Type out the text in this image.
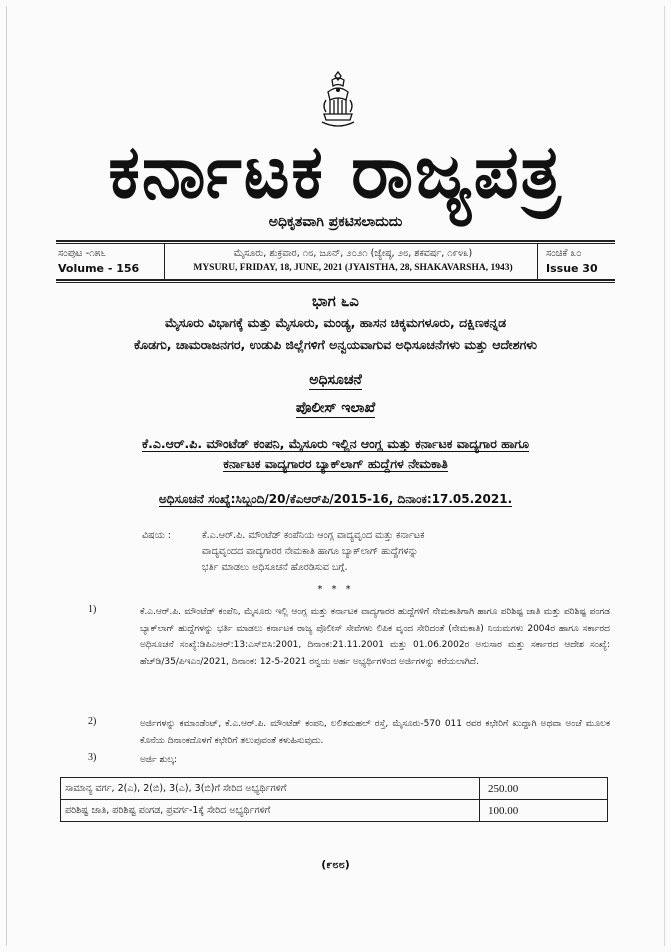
ಕರ್ನಾಟಕ ರಾಜ್ಯಪತ್ರ
ಅಧಿಕೃತವಾಗಿ ಪ್ರಕಟಿಸಲಾದುದು
ಸಂಪುಟ -೧೫೬
Volume - 156
ಮೈಸೂರು, ಶುಕ್ರವಾರ, ೧೮, ಜೂನ್, ೨೦೨೧ (ಜ್ಯೇಷ್ಠ, ೨೮, ಶಕವರ್ಷ, ೧೯೪೩)
MYSURU, FRIDAY, 18, JUNE, 2021 (JYAISTHA, 28, SHAKAVARSHA, 1943)
ಸಂಚಿಕೆ ೩೦
Issue 30
ಭಾಗ ೬ಎ
ಮೈಸೂರು ವಿಭಾಗಕ್ಕೆ ಮತ್ತು ಮೈಸೂರು, ಮಂಡ್ಯ, ಹಾಸನ ಚಿಕ್ಕಮಗಳೂರು, ದಕ್ಷಿಣಕನ್ನಡ
ಕೊಡಗು, ಚಾಮರಾಜನಗರ, ಉಡುಪಿ ಜಿಲ್ಲೆಗಳಿಗೆ ಅನ್ವಯವಾಗುವ ಅಧಿಸೂಚನೆಗಳು ಮತ್ತು ಆದೇಶಗಳು
ಅಧಿಸೂಚನೆ
ಪೊಲೀಸ್ ಇಲಾಖೆ
ಕೆ.ಎ.ಆರ್.ಪಿ. ಮೌಂಟೆಡ್ ಕಂಪನಿ, ಮೈಸೂರು ಇಲ್ಲಿನ ಆಂಗ್ಲ ಮತ್ತು ಕರ್ನಾಟಕ ವಾದ್ಯಗಾರ ಹಾಗೂ
ಕರ್ನಾಟಕ ವಾದ್ಯಗಾರರ ಬ್ಯಾಕ್‌ಲಾಗ್ ಹುದ್ದೆಗಳ ನೇಮಕಾತಿ
ಅಧಿಸೂಚನೆ ಸಂಖ್ಯೆ:ಸಿಬ್ಬಂದಿ/20/ಕೆಎಆರ್‌ಪಿ/2015-16, ದಿನಾಂಕ:17.05.2021.
ವಿಷಯ :	ಕೆ.ಎ.ಆರ್.ಪಿ. ಮೌಂಟೆಡ್ ಕಂಪೆನಿಯ ಆಂಗ್ಲ ವಾದ್ಯವೃಂದ ಮತ್ತು ಕರ್ನಾಟಕ
ವಾದ್ಯವೃಂದದ ವಾದ್ಯಗಾರರ ನೇಮಕಾತಿ ಹಾಗೂ ಬ್ಯಾಕ್‌ಲಾಗ್ ಹುದ್ದೆಗಳನ್ನು
ಭರ್ತಿ ಮಾಡಲು ಅಧಿಸೂಚನೆ ಹೊರಡಿಸುವ ಬಗ್ಗೆ.
* * *
1)	ಕೆ.ಎ.ಆರ್.ಪಿ. ಮೌಂಟೆಡ್ ಕಂಪೆನಿ, ಮೈಸೂರು ಇಲ್ಲಿ ಆಂಗ್ಲ ಮತ್ತು ಕರ್ನಾಟಕ ವಾದ್ಯಗಾರರ ಹುದ್ದೆಗಳಿಗೆ ನೇಮಕಾತಿಗಾಗಿ ಹಾಗೂ ಪರಿಶಿಷ್ಟ ಜಾತಿ ಮತ್ತು ಪರಿಶಿಷ್ಟ ಪಂಗಡ ಬ್ಯಾಕ್‌ಲಾಗ್ ಹುದ್ದೆಗಳನ್ನು ಭರ್ತಿ ಮಾಡಲು ಕರ್ನಾಟಕ ರಾಜ್ಯ ಪೊಲೀಸ್ ಸೇವೆಗಳು ಲಿಪಿಕ ವೃಂದ ಸೇರಿದಂತೆ (ನೇಮಕಾತಿ) ನಿಯಮಗಳು 2004ರ ಹಾಗೂ ಸರ್ಕಾರದ ಅಧಿಸೂಚನೆ ಸಂಖ್ಯೆ:ಡಿಪಿಎಆರ್:13:ಎಸ್‌ಬಿಸಿ:2001, ದಿನಾಂಕ:21.11.2001 ಮತ್ತು 01.06.2002ರ ಅನುಸಾರ ಮತ್ತು ಸರ್ಕಾರದ ಆದೇಶ ಸಂಖ್ಯೆ: ಹೆಚ್‌ಡಿ/35/ಪಿಇಎಂ/2021, ದಿನಾಂಕ: 12-5-2021 ರನ್ವಯ ಅರ್ಹ ಅಭ್ಯರ್ಥಿಗಳಿಂದ ಅರ್ಜಿಗಳನ್ನು ಕರೆಯಲಾಗಿದೆ.
2)	ಅರ್ಜಿಗಳನ್ನು ಕಮಾಂಡೆಂಟ್, ಕೆ.ಎ.ಆರ್.ಪಿ. ಮೌಂಟೆಡ್ ಕಂಪನಿ, ಲಲಿತಮಹಲ್ ರಸ್ತೆ, ಮೈಸೂರು-570 011 ರವರ ಕಛೇರಿಗೆ ಖುದ್ದಾಗಿ ಅಥವಾ ಅಂಚೆ ಮೂಲಕ ಕೊನೆಯ ದಿನಾಂಕದೊಳಗೆ ಕಛೇರಿಗೆ ತಲುಪುವಂತೆ ಕಳುಹಿಸುವುದು.
3)	ಅರ್ಜಿ ಶುಲ್ಕ:
ಸಾಮಾನ್ಯ ವರ್ಗ, 2(ಎ), 2(ಬಿ), 3(ಎ), 3(ಬಿ)ಗೆ ಸೇರಿದ ಅಭ್ಯರ್ಥಿಗಳಿಗೆ	250.00
ಪರಿಶಿಷ್ಟ ಜಾತಿ, ಪರಿಶಿಷ್ಟ ಪಂಗಡ, ಪ್ರವರ್ಗ-1ಕ್ಕೆ ಸೇರಿದ ಅಭ್ಯರ್ಥಿಗಳಿಗೆ	100.00
(೯೮೮)
